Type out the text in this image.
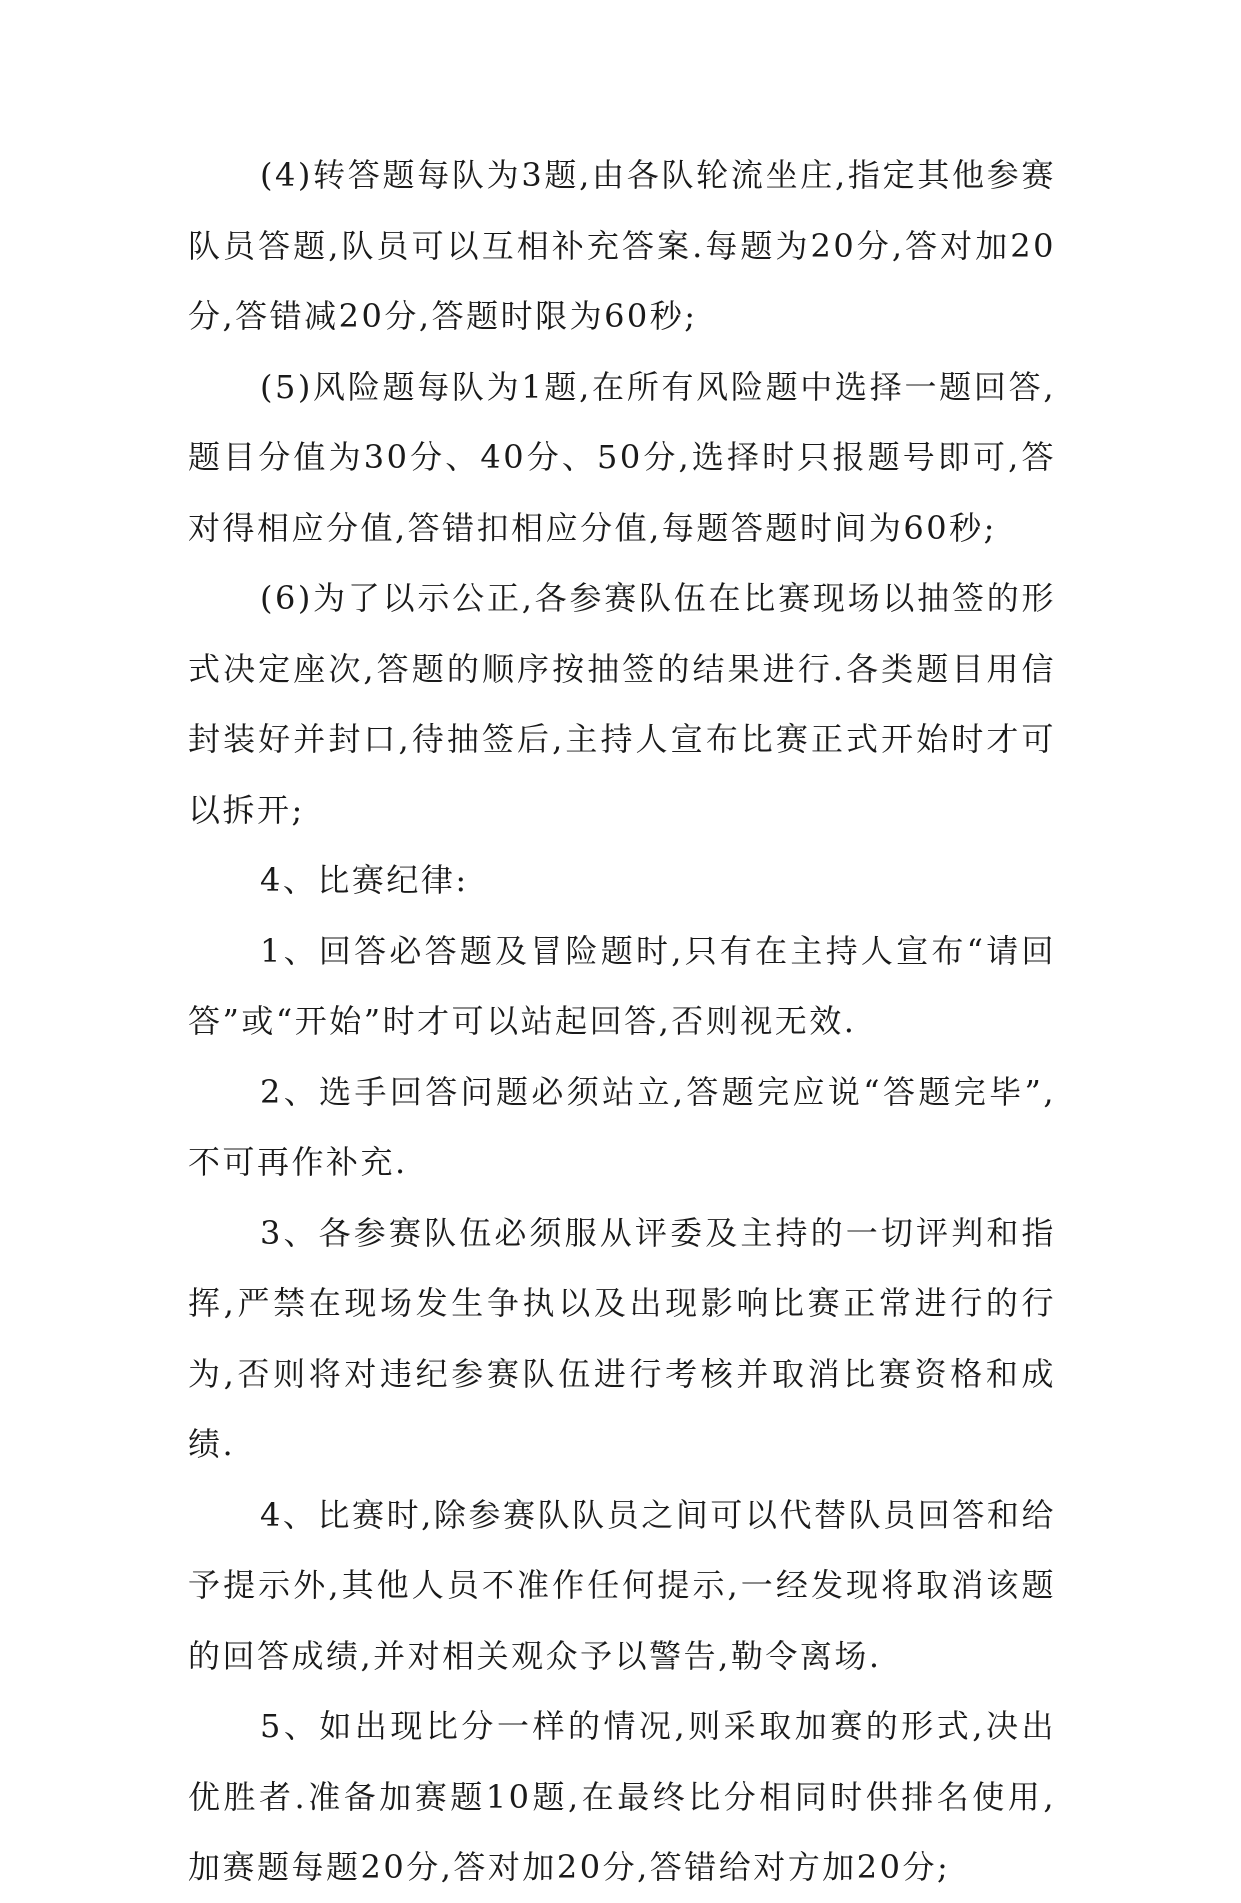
(4)转答题每队为3题,由各队轮流坐庄,指定其他参赛队员答题,队员可以互相补充答案.每题为20分,答对加20分,答错减20分,答题时限为60秒;

(5)风险题每队为1题,在所有风险题中选择一题回答,题目分值为30分、40分、50分,选择时只报题号即可,答对得相应分值,答错扣相应分值,每题答题时间为60秒;

(6)为了以示公正,各参赛队伍在比赛现场以抽签的形式决定座次,答题的顺序按抽签的结果进行.各类题目用信封装好并封口,待抽签后,主持人宣布比赛正式开始时才可以拆开;

4、比赛纪律:

1、回答必答题及冒险题时,只有在主持人宣布“请回答”或“开始”时才可以站起回答,否则视无效.

2、选手回答问题必须站立,答题完应说“答题完毕”,不可再作补充.

3、各参赛队伍必须服从评委及主持的一切评判和指挥,严禁在现场发生争执以及出现影响比赛正常进行的行为,否则将对违纪参赛队伍进行考核并取消比赛资格和成绩.

4、比赛时,除参赛队队员之间可以代替队员回答和给予提示外,其他人员不准作任何提示,一经发现将取消该题的回答成绩,并对相关观众予以警告,勒令离场.

5、如出现比分一样的情况,则采取加赛的形式,决出优胜者.准备加赛题10题,在最终比分相同时供排名使用,加赛题每题20分,答对加20分,答错给对方加20分;
